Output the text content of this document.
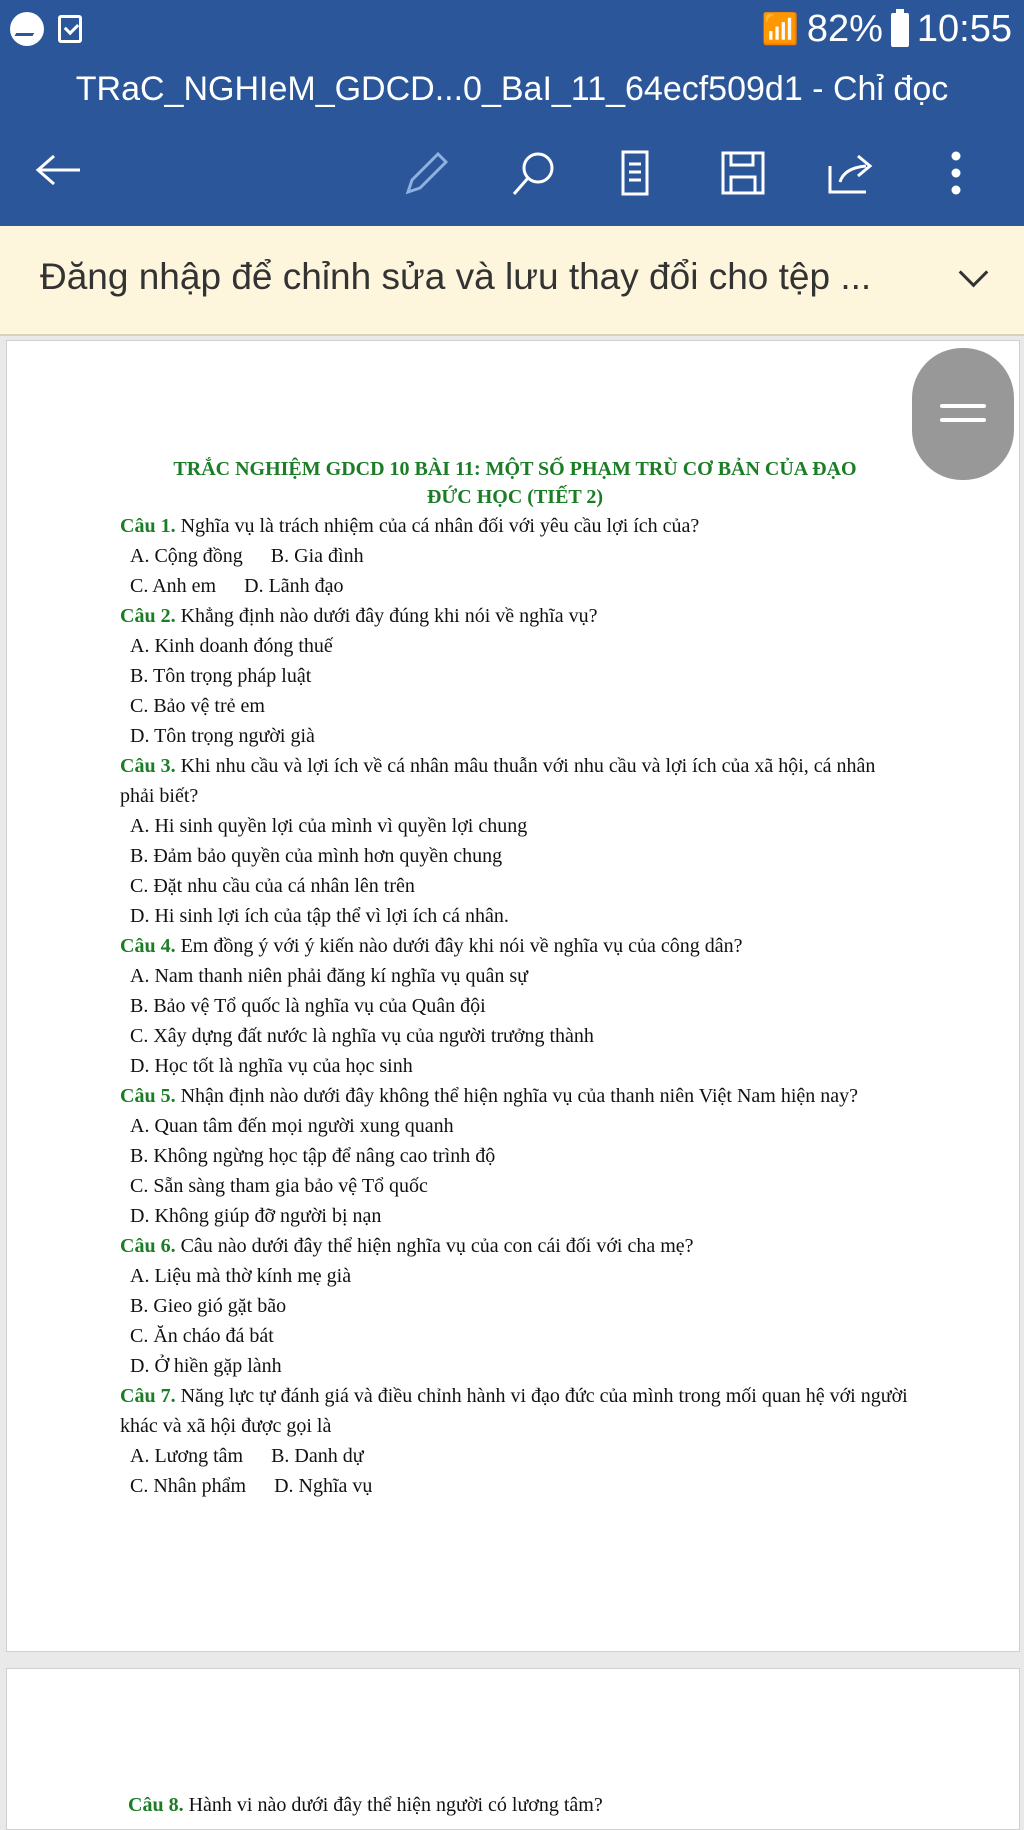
📶 82% 10:55
TRaC_NGHIeM_GDCD...0_BaI_11_64ecf509d1 - Chỉ đọc
Đăng nhập để chỉnh sửa và lưu thay đổi cho tệp ...
TRẮC NGHIỆM GDCD 10 BÀI 11: MỘT SỐ PHẠM TRÙ CƠ BẢN CỦA ĐẠO
ĐỨC HỌC (TIẾT 2)
Câu 1. Nghĩa vụ là trách nhiệm của cá nhân đối với yêu cầu lợi ích của?
A. Cộng đồng B. Gia đình
C. Anh em D. Lãnh đạo
Câu 2. Khẳng định nào dưới đây đúng khi nói về nghĩa vụ?
A. Kinh doanh đóng thuế
B. Tôn trọng pháp luật
C. Bảo vệ trẻ em
D. Tôn trọng người già
Câu 3. Khi nhu cầu và lợi ích về cá nhân mâu thuẫn với nhu cầu và lợi ích của xã hội, cá nhân phải biết?
A. Hi sinh quyền lợi của mình vì quyền lợi chung
B. Đảm bảo quyền của mình hơn quyền chung
C. Đặt nhu cầu của cá nhân lên trên
D. Hi sinh lợi ích của tập thể vì lợi ích cá nhân.
Câu 4. Em đồng ý với ý kiến nào dưới đây khi nói về nghĩa vụ của công dân?
A. Nam thanh niên phải đăng kí nghĩa vụ quân sự
B. Bảo vệ Tổ quốc là nghĩa vụ của Quân đội
C. Xây dựng đất nước là nghĩa vụ của người trưởng thành
D. Học tốt là nghĩa vụ của học sinh
Câu 5. Nhận định nào dưới đây không thể hiện nghĩa vụ của thanh niên Việt Nam hiện nay?
A. Quan tâm đến mọi người xung quanh
B. Không ngừng học tập để nâng cao trình độ
C. Sẵn sàng tham gia bảo vệ Tổ quốc
D. Không giúp đỡ người bị nạn
Câu 6. Câu nào dưới đây thể hiện nghĩa vụ của con cái đối với cha mẹ?
A. Liệu mà thờ kính mẹ già
B. Gieo gió gặt bão
C. Ăn cháo đá bát
D. Ở hiền gặp lành
Câu 7. Năng lực tự đánh giá và điều chỉnh hành vi đạo đức của mình trong mối quan hệ với người khác và xã hội được gọi là
A. Lương tâm B. Danh dự
C. Nhân phẩm D. Nghĩa vụ
Câu 8. Hành vi nào dưới đây thể hiện người có lương tâm?
